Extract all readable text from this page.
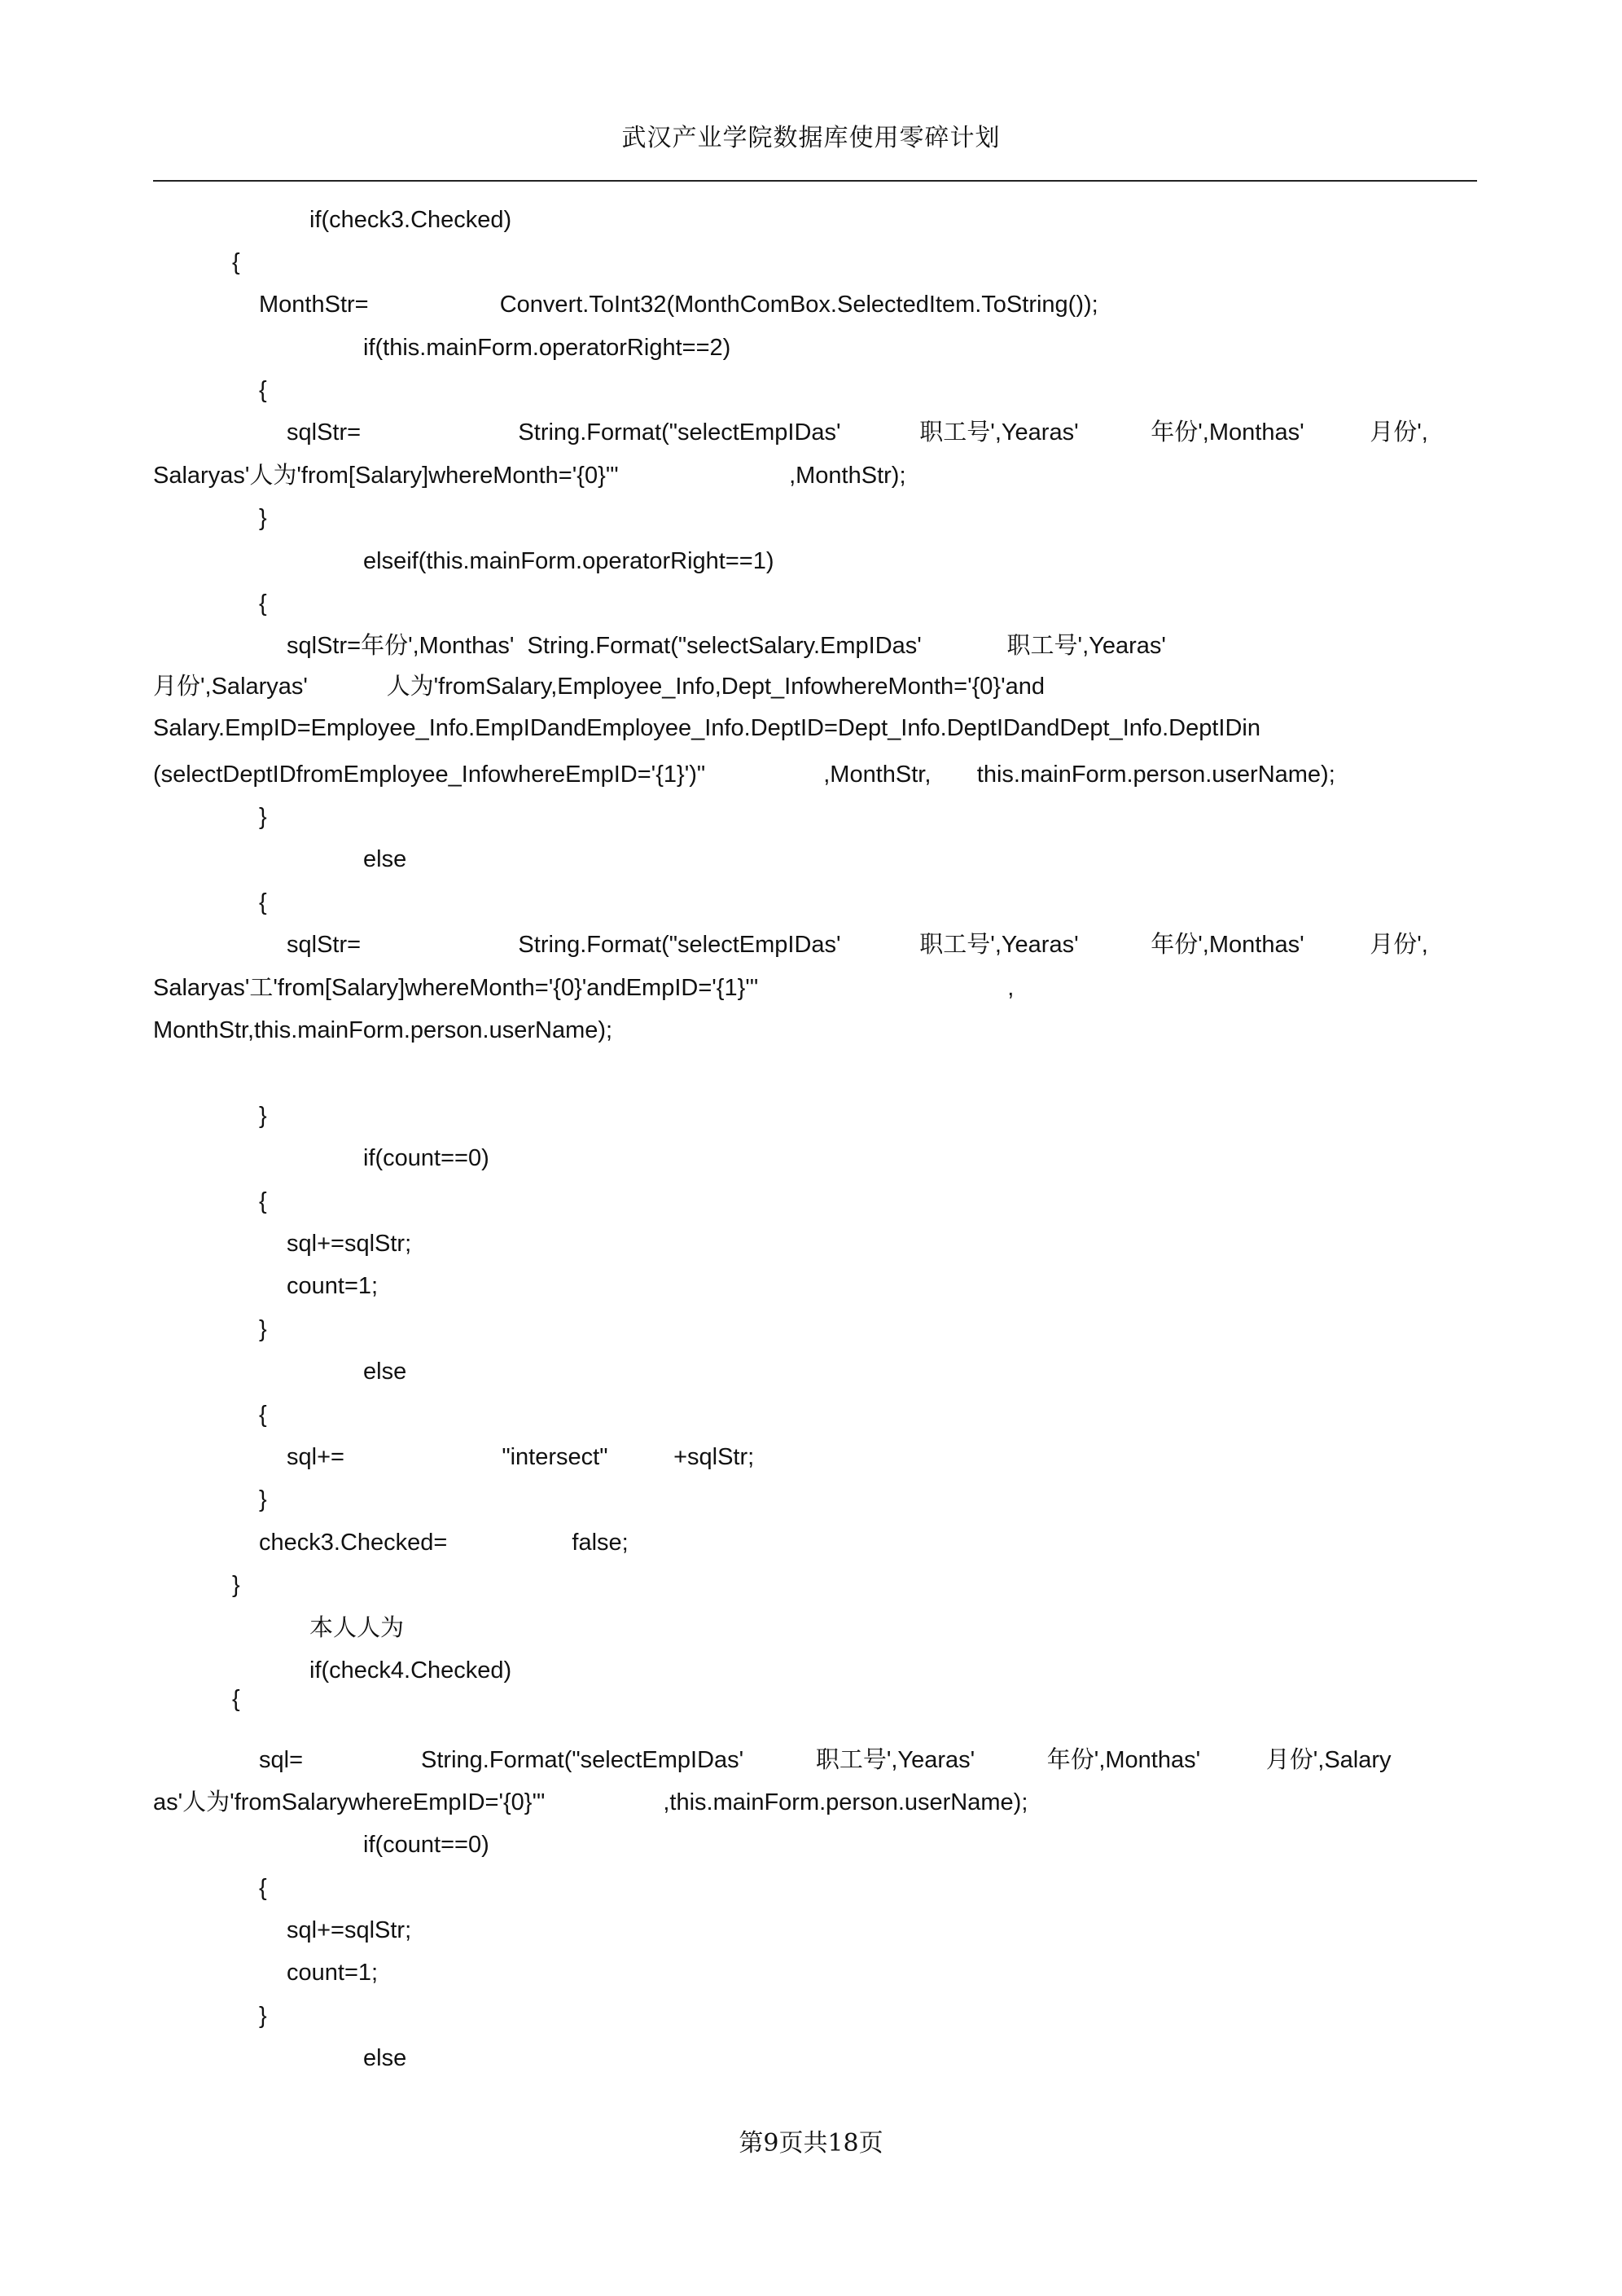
武汉产业学院数据库使用零碎计划
if(check3.Checked)
{
MonthStr=                    Convert.ToInt32(MonthComBox.SelectedItem.ToString());
if(this.mainForm.operatorRight==2)
{
sqlStr=                        String.Format("selectEmpIDas'            职工号',Yearas'           年份',Monthas'          月份',
Salaryas'人为'from[Salary]whereMonth='{0}'"                          ,MonthStr);
}
elseif(this.mainForm.operatorRight==1)
{
sqlStr=年份',Monthas'  String.Format("selectSalary.EmpIDas'             职工号',Yearas'
月份',Salaryas'            人为'fromSalary,Employee_Info,Dept_InfowhereMonth='{0}'and
Salary.EmpID=Employee_Info.EmpIDandEmployee_Info.DeptID=Dept_Info.DeptIDandDept_Info.DeptIDin
(selectDeptIDfromEmployee_InfowhereEmpID='{1}')"                  ,MonthStr,       this.mainForm.person.userName);
}
else
{
sqlStr=                        String.Format("selectEmpIDas'            职工号',Yearas'           年份',Monthas'          月份',
Salaryas'工'from[Salary]whereMonth='{0}'andEmpID='{1}'"                                      ,
MonthStr,this.mainForm.person.userName);
}
if(count==0)
{
sql+=sqlStr;
count=1;
}
else
{
sql+=                        "intersect"          +sqlStr;
}
check3.Checked=                   false;
}
本人人为
if(check4.Checked)
{
sql=                  String.Format("selectEmpIDas'           职工号',Yearas'           年份',Monthas'          月份',Salary
as'人为'fromSalarywhereEmpID='{0}'"                  ,this.mainForm.person.userName);
if(count==0)
{
sql+=sqlStr;
count=1;
}
else
第9页共18页
